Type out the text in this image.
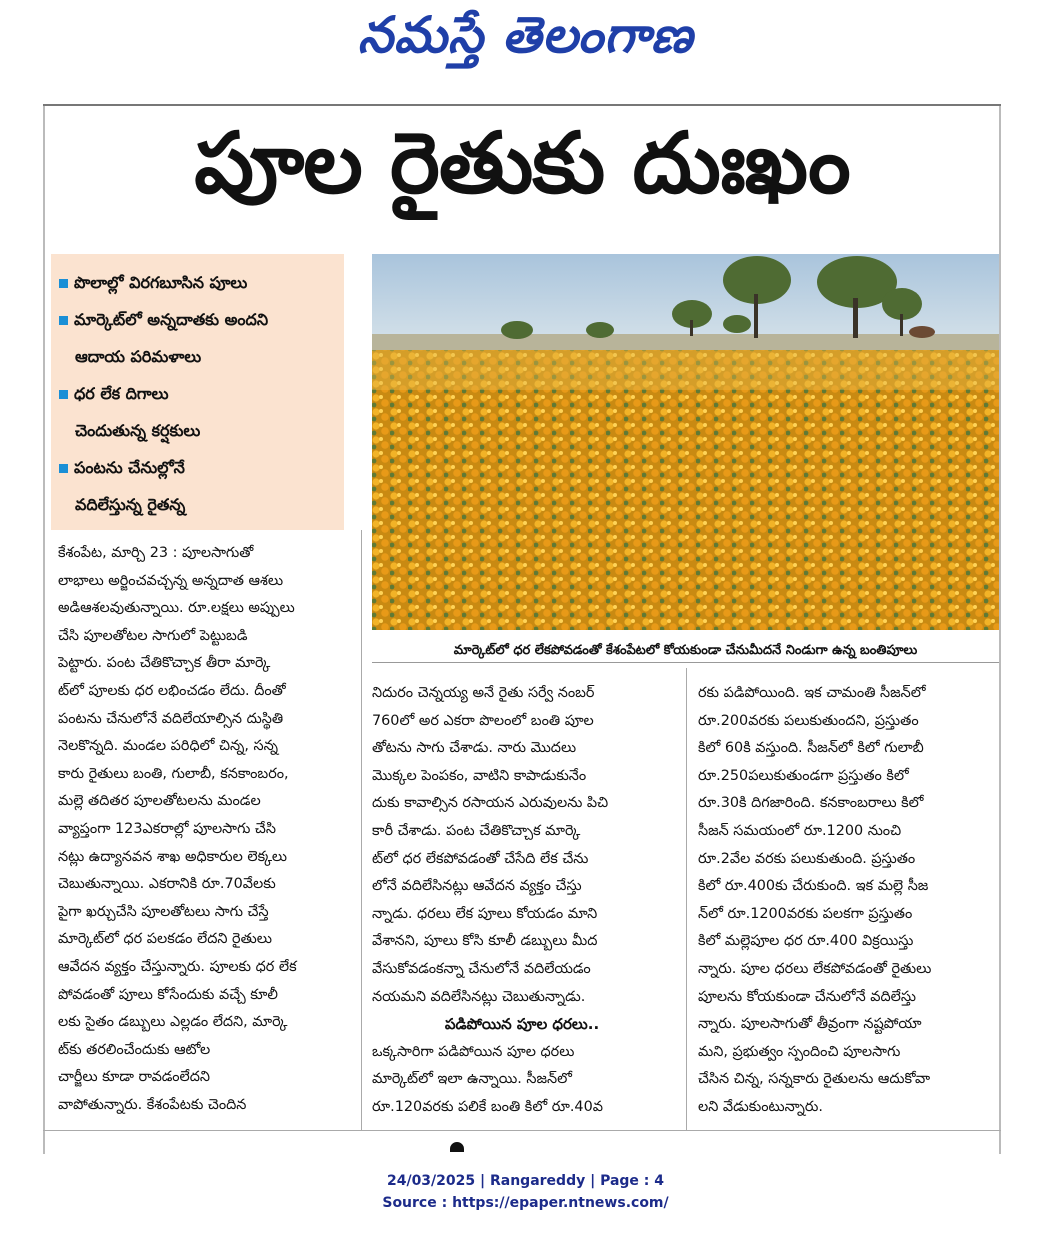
నమస్తే తెలంగాణ
పూల రైతుకు దుఃఖం
పొలాల్లో విరగబూసిన పూలు
మార్కెట్‌లో అన్నదాతకు అందని
ఆదాయ పరిమళాలు
ధర లేక దిగాలు
చెందుతున్న కర్షకులు
పంటను చేనుల్లోనే
వదిలేస్తున్న రైతన్న
మార్కెట్‌లో ధర లేకపోవడంతో కేశంపేటలో కోయకుండా చేనుమీదనే నిండుగా ఉన్న బంతిపూలు
కేశంపేట, మార్చి 23 : పూలసాగుతో
లాభాలు అర్జించవచ్చన్న అన్నదాత ఆశలు
అడిఆశలవుతున్నాయి. రూ.లక్షలు అప్పులు
చేసి పూలతోటల సాగులో పెట్టుబడి
పెట్టారు. పంట చేతికొచ్చాక తీరా మార్కె
ట్‌లో పూలకు ధర లభించడం లేదు. దీంతో
పంటను చేనులోనే వదిలేయాల్సిన దుస్థితి
నెలకొన్నది. మండల పరిధిలో చిన్న, సన్న
కారు రైతులు బంతి, గులాబీ, కనకాంబరం,
మల్లె తదితర పూలతోటలను మండల
వ్యాప్తంగా 123ఎకరాల్లో పూలసాగు చేసి
నట్లు ఉద్యానవన శాఖ అధికారుల లెక్కలు
చెబుతున్నాయి. ఎకరానికి రూ.70వేలకు
పైగా ఖర్చుచేసి పూలతోటలు సాగు చేస్తే
మార్కెట్‌లో ధర పలకడం లేదని రైతులు
ఆవేదన వ్యక్తం చేస్తున్నారు. పూలకు ధర లేక
పోవడంతో పూలు కోసేందుకు వచ్చే కూలీ
లకు సైతం డబ్బులు ఎల్లడం లేదని, మార్కె
ట్‌కు తరలించేందుకు ఆటోల
చార్జీలు కూడా రావడంలేదని
వాపోతున్నారు. కేశంపేటకు చెందిన
నిదురం చెన్నయ్య అనే రైతు సర్వే నంబర్
760లో అర ఎకరా పొలంలో బంతి పూల
తోటను సాగు చేశాడు. నారు మొదలు
మొక్కల పెంపకం, వాటిని కాపాడుకునేం
దుకు కావాల్సిన రసాయన ఎరువులను పిచి
కారీ చేశాడు. పంట చేతికొచ్చాక మార్కె
ట్‌లో ధర లేకపోవడంతో చేసేది లేక చేను
లోనే వదిలేసినట్లు ఆవేదన వ్యక్తం చేస్తు
న్నాడు. ధరలు లేక పూలు కోయడం మాని
వేశానని, పూలు కోసి కూలీ డబ్బులు మీద
వేసుకోవడంకన్నా చేనులోనే వదిలేయడం
నయమని వదిలేసినట్లు చెబుతున్నాడు.
పడిపోయిన పూల ధరలు..
ఒక్కసారిగా పడిపోయిన పూల ధరలు
మార్కెట్‌లో ఇలా ఉన్నాయి. సీజన్‌లో
రూ.120వరకు పలికే బంతి కిలో రూ.40వ
రకు పడిపోయింది. ఇక చామంతి సీజన్‌లో
రూ.200వరకు పలుకుతుందని, ప్రస్తుతం
కిలో 60కి వస్తుంది. సీజన్‌లో కిలో గులాబీ
రూ.250పలుకుతుండగా ప్రస్తుతం కిలో
రూ.30కి దిగజారింది. కనకాంబరాలు కిలో
సీజన్ సమయంలో రూ.1200 నుంచి
రూ.2వేల వరకు పలుకుతుంది. ప్రస్తుతం
కిలో రూ.400కు చేరుకుంది. ఇక మల్లె సీజ
న్‌లో రూ.1200వరకు పలకగా ప్రస్తుతం
కిలో మల్లెపూల ధర రూ.400 విక్రయిస్తు
న్నారు. పూల ధరలు లేకపోవడంతో రైతులు
పూలను కోయకుండా చేనులోనే వదిలేస్తు
న్నారు. పూలసాగుతో తీవ్రంగా నష్టపోయా
మని, ప్రభుత్వం స్పందించి పూలసాగు
చేసిన చిన్న, సన్నకారు రైతులను ఆదుకోవా
లని వేడుకుంటున్నారు.
24/03/2025 | Rangareddy | Page : 4
Source : https://epaper.ntnews.com/
